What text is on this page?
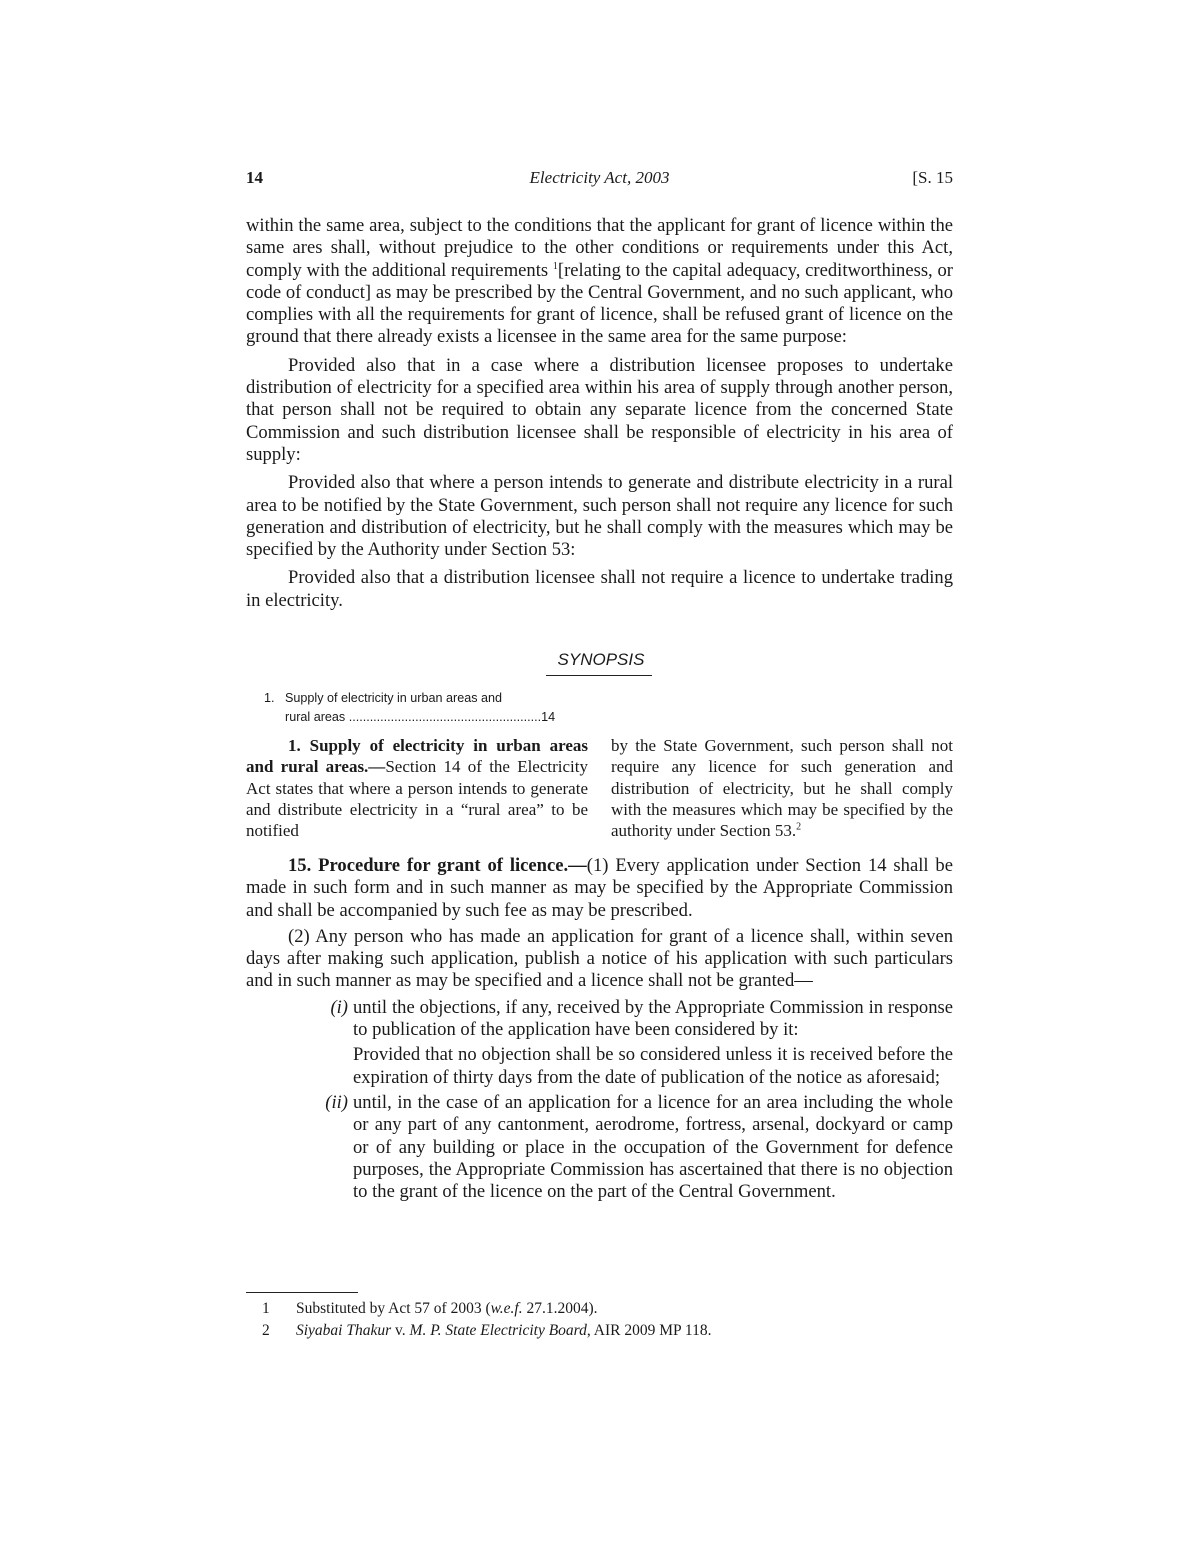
14	Electricity Act, 2003	[S. 15

within the same area, subject to the conditions that the applicant for grant of licence within the same ares shall, without prejudice to the other conditions or requirements under this Act, comply with the additional requirements $^1$[relating to the capital adequacy, creditworthiness, or code of conduct] as may be prescribed by the Central Government, and no such applicant, who complies with all the requirements for grant of licence, shall be refused grant of licence on the ground that there already exists a licensee in the same area for the same purpose:

Provided also that in a case where a distribution licensee proposes to undertake distribution of electricity for a specified area within his area of supply through another person, that person shall not be required to obtain any separate licence from the concerned State Commission and such distribution licensee shall be responsible of electricity in his area of supply:

Provided also that where a person intends to generate and distribute electricity in a rural area to be notified by the State Government, such person shall not require any licence for such generation and distribution of electricity, but he shall comply with the measures which may be specified by the Authority under Section 53:

Provided also that a distribution licensee shall not require a licence to undertake trading in electricity.

SYNOPSIS
1. Supply of electricity in urban areas and
rural areas .......................................................14
1. Supply of electricity in urban areas and rural areas.—Section 14 of the Electricity Act states that where a person intends to generate and distribute electricity in a “rural area” to be notified
by the State Government, such person shall not require any licence for such generation and distribution of electricity, but he shall comply with the measures which may be specified by the authority under Section 53.$^2$

15. Procedure for grant of licence.—(1) Every application under Section 14 shall be made in such form and in such manner as may be specified by the Appropriate Commission and shall be accompanied by such fee as may be prescribed.

(2) Any person who has made an application for grant of a licence shall, within seven days after making such application, publish a notice of his application with such particulars and in such manner as may be specified and a licence shall not be granted—

(i) until the objections, if any, received by the Appropriate Commission in response to publication of the application have been considered by it:
Provided that no objection shall be so considered unless it is received before the expiration of thirty days from the date of publication of the notice as aforesaid;
(ii) until, in the case of an application for a licence for an area including the whole or any part of any cantonment, aerodrome, fortress, arsenal, dockyard or camp or of any building or place in the occupation of the Government for defence purposes, the Appropriate Commission has ascertained that there is no objection to the grant of the licence on the part of the Central Government.
1 Substituted by Act 57 of 2003 (w.e.f. 27.1.2004).
2 Siyabai Thakur v. M. P. State Electricity Board, AIR 2009 MP 118.
